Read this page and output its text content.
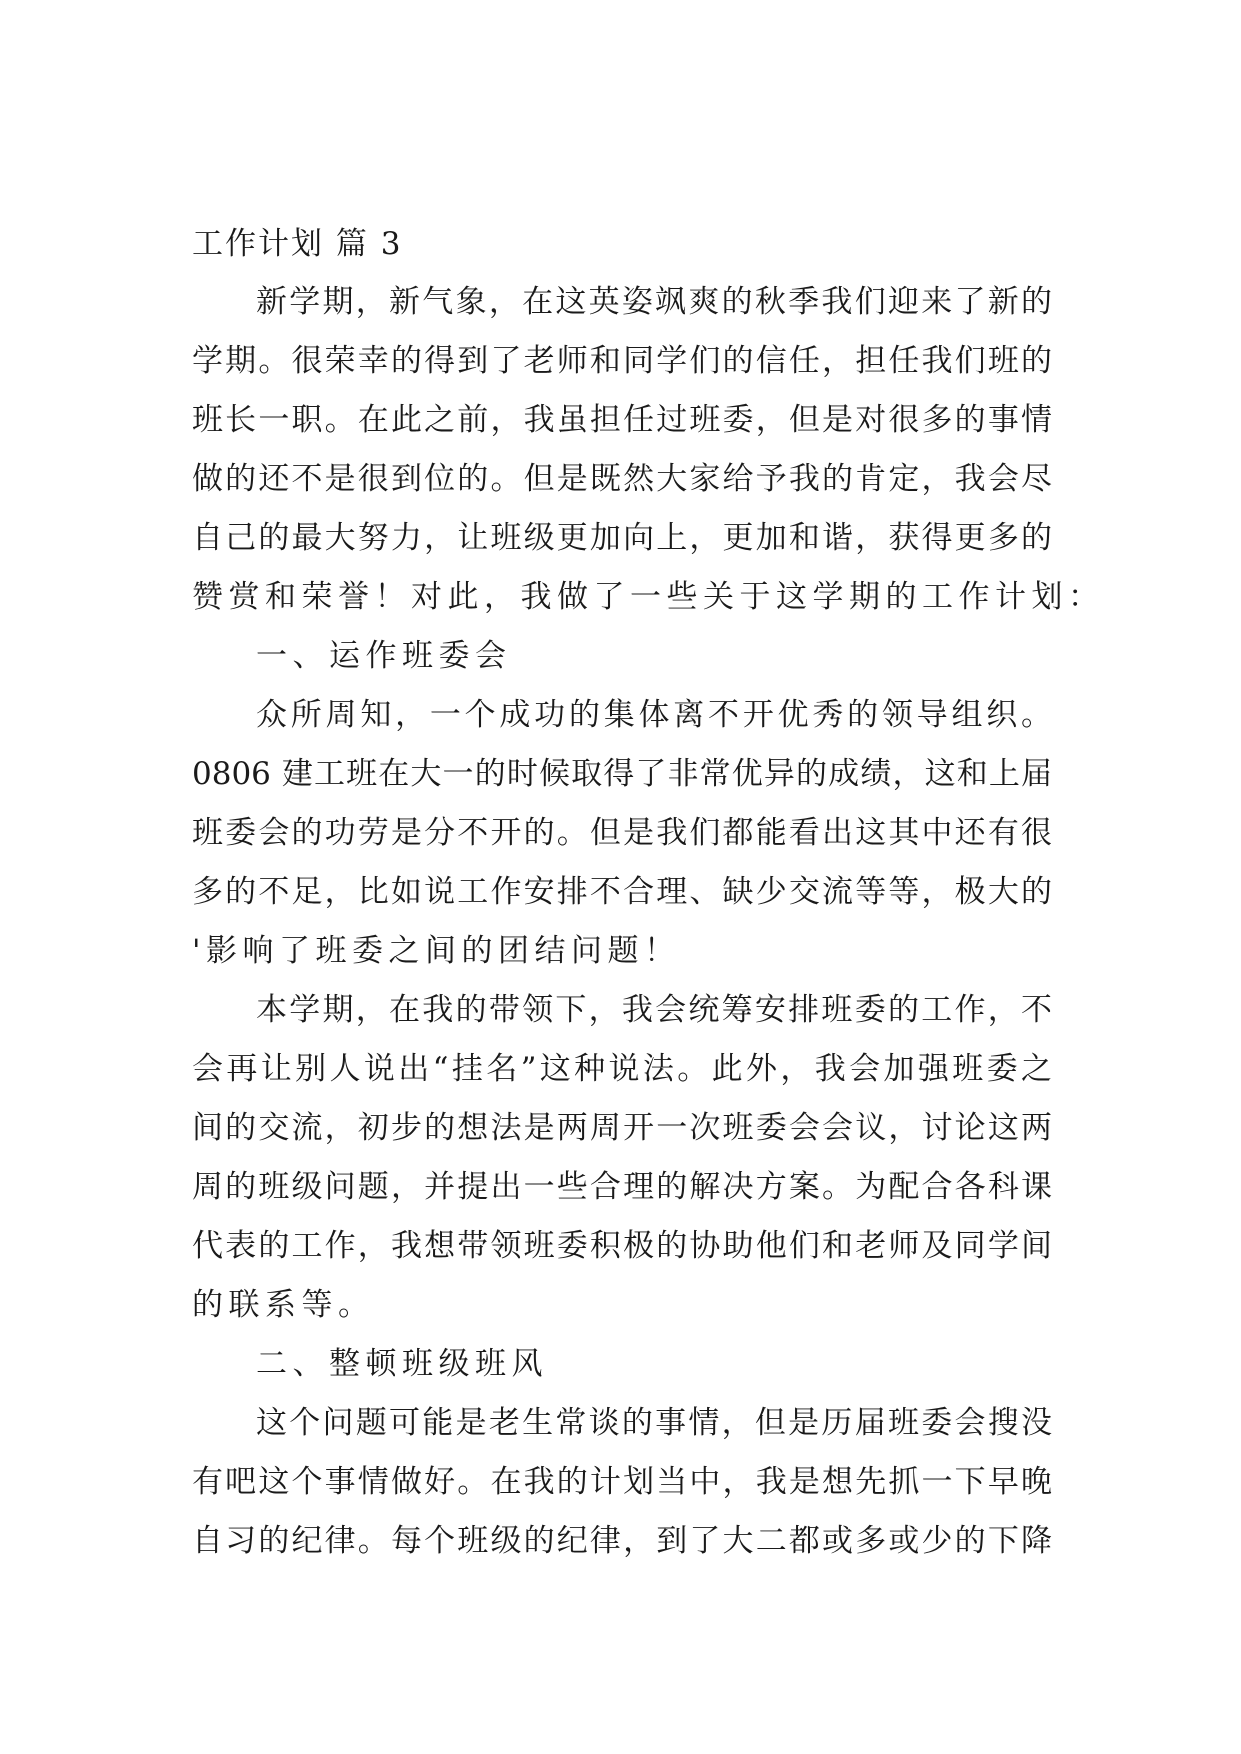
工作计划 篇 3
新学期，新气象，在这英姿飒爽的秋季我们迎来了新的
学期。很荣幸的得到了老师和同学们的信任，担任我们班的
班长一职。在此之前，我虽担任过班委，但是对很多的事情
做的还不是很到位的。但是既然大家给予我的肯定，我会尽
自己的最大努力，让班级更加向上，更加和谐，获得更多的
赞赏和荣誉！对此，我做了一些关于这学期的工作计划：
一、运作班委会
众所周知，一个成功的集体离不开优秀的领导组织。
0806 建工班在大一的时候取得了非常优异的成绩，这和上届
班委会的功劳是分不开的。但是我们都能看出这其中还有很
多的不足，比如说工作安排不合理、缺少交流等等，极大的
'影响了班委之间的团结问题！
本学期，在我的带领下，我会统筹安排班委的工作，不
会再让别人说出“挂名”这种说法。此外，我会加强班委之
间的交流，初步的想法是两周开一次班委会会议，讨论这两
周的班级问题，并提出一些合理的解决方案。为配合各科课
代表的工作，我想带领班委积极的协助他们和老师及同学间
的联系等。
二、整顿班级班风
这个问题可能是老生常谈的事情，但是历届班委会搜没
有吧这个事情做好。在我的计划当中，我是想先抓一下早晚
自习的纪律。每个班级的纪律，到了大二都或多或少的下降
